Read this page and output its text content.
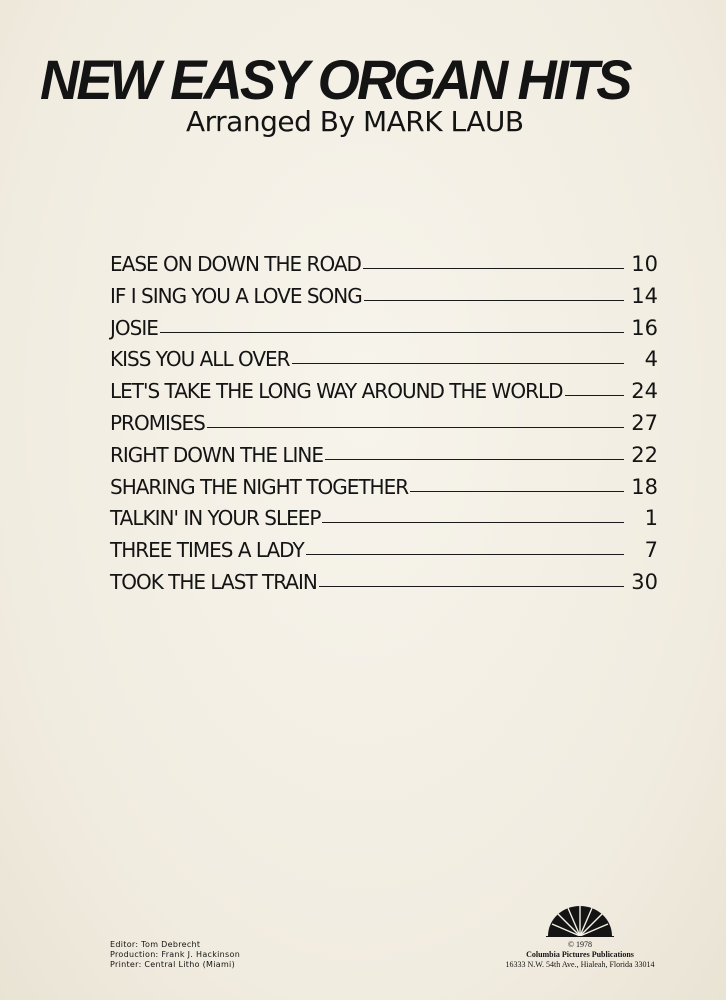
NEW EASY ORGAN HITS
Arranged By MARK LAUB
EASE ON DOWN THE ROAD	10
IF I SING YOU A LOVE SONG	14
JOSIE	16
KISS YOU ALL OVER	4
LET'S TAKE THE LONG WAY AROUND THE WORLD	24
PROMISES	27
RIGHT DOWN THE LINE	22
SHARING THE NIGHT TOGETHER	18
TALKIN' IN YOUR SLEEP	1
THREE TIMES A LADY	7
TOOK THE LAST TRAIN	30
Editor: Tom Debrecht
Production: Frank J. Hackinson
Printer: Central Litho (Miami)
© 1978
Columbia Pictures Publications
16333 N.W. 54th Ave., Hialeah, Florida 33014
